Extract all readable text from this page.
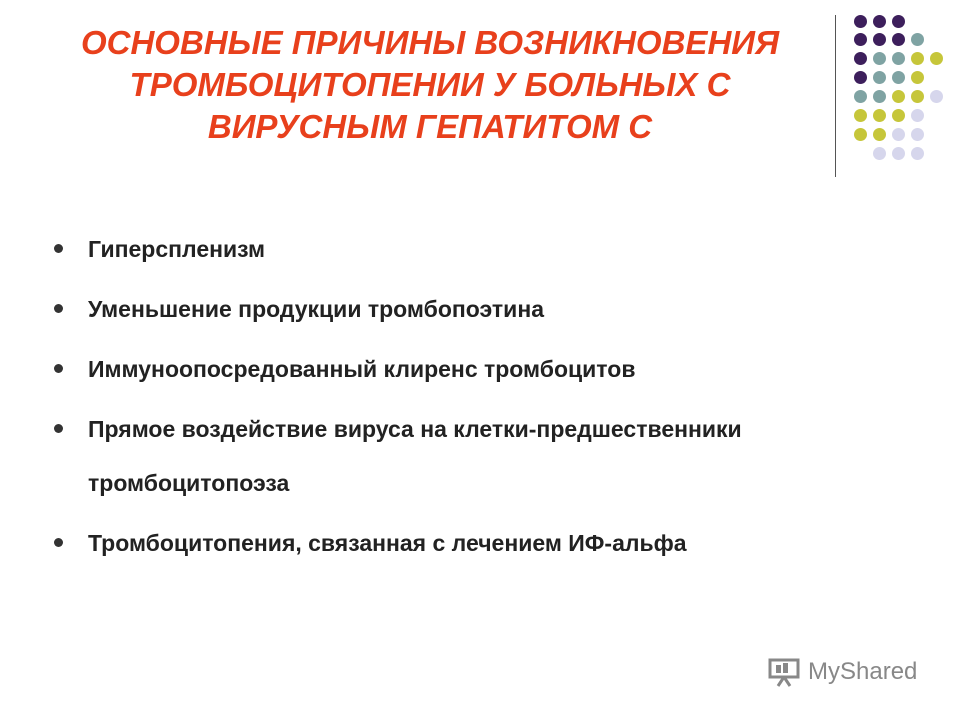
ОСНОВНЫЕ ПРИЧИНЫ ВОЗНИКНОВЕНИЯ
ТРОМБОЦИТОПЕНИИ У БОЛЬНЫХ С
ВИРУСНЫМ ГЕПАТИТОМ С
Гиперспленизм
Уменьшение продукции тромбопоэтина
Иммуноопосредованный клиренс тромбоцитов
Прямое воздействие вируса на клетки-предшественники тромбоцитопоэза
Тромбоцитопения, связанная с лечением ИФ-альфа
MyShared
